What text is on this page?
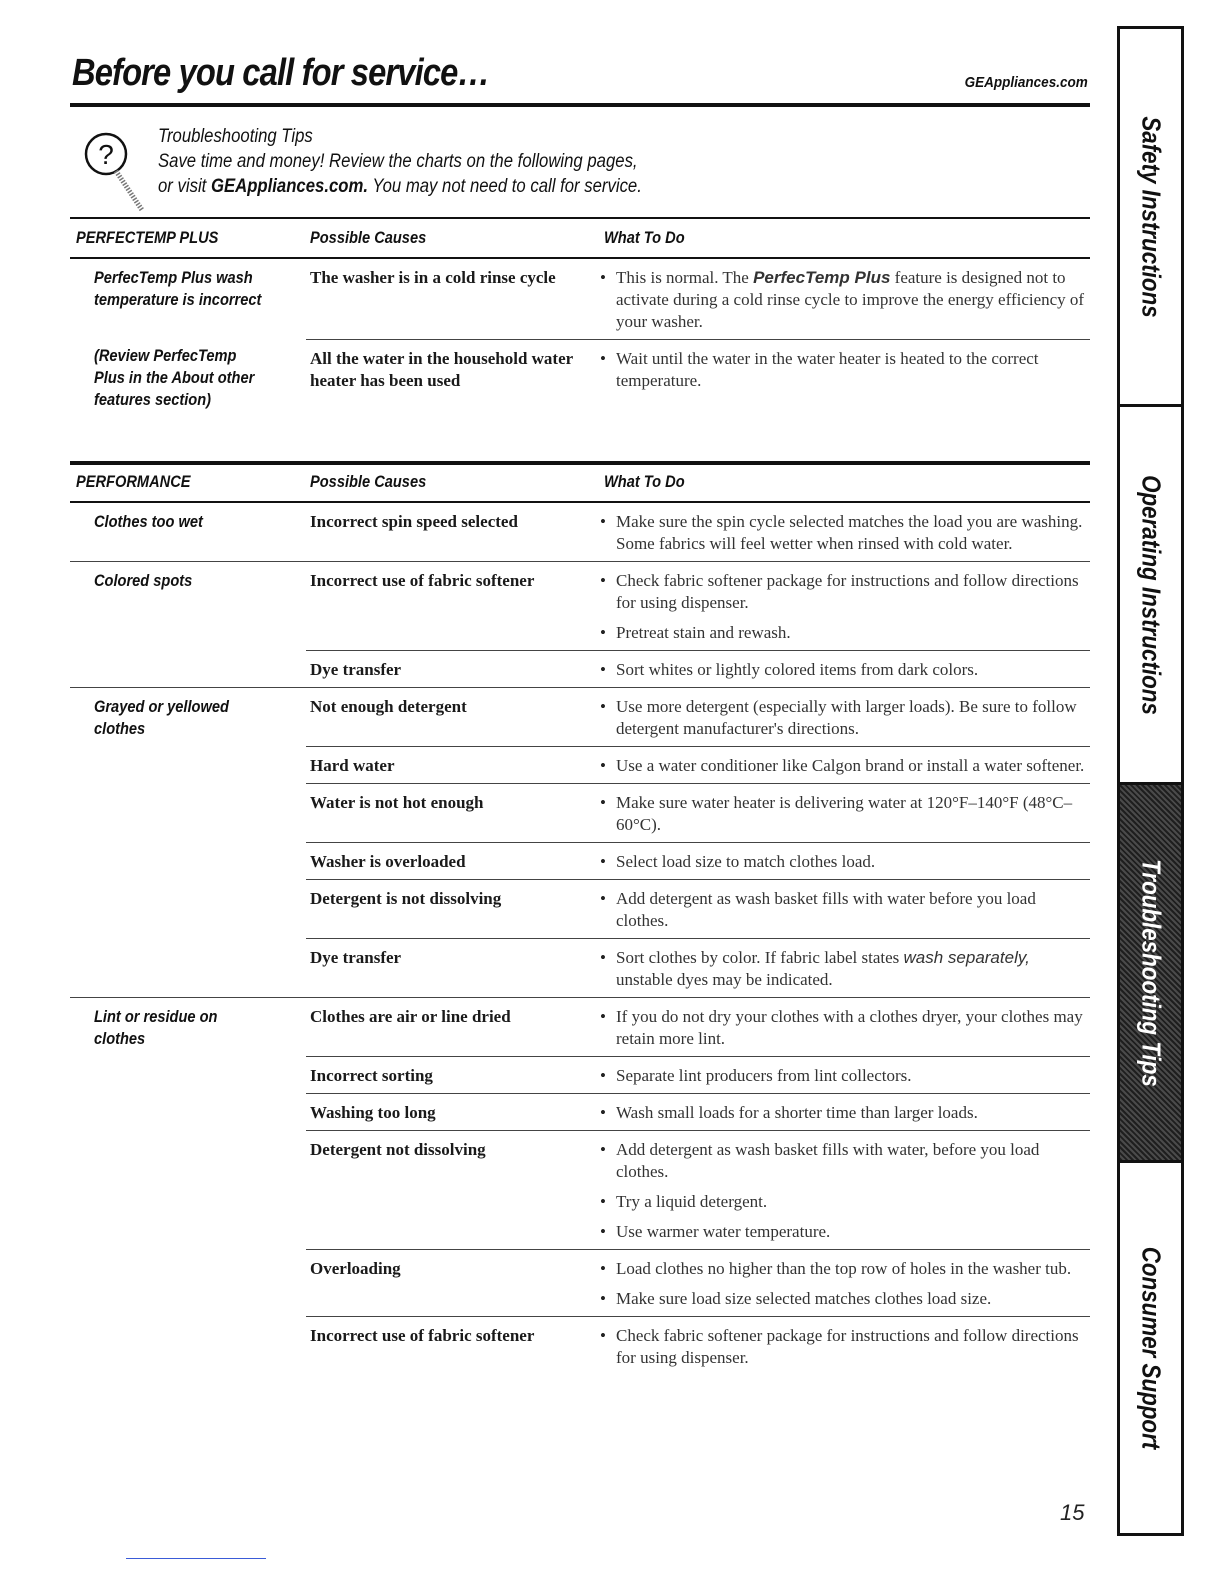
Before you call for service…	GEAppliances.com
?
Troubleshooting Tips
Save time and money! Review the charts on the following pages,
or visit GEAppliances.com. You may not need to call for service.
PERFECTEMP PLUS	Possible Causes	What To Do
PerfecTemp Plus wash
temperature is incorrect
(Review PerfecTemp
Plus in the About other
features section)
The washer is in a cold rinse cycle	• This is normal. The PerfecTemp Plus feature is designed not to activate during a cold rinse cycle to improve the energy efficiency of your washer.
All the water in the household water heater has been used
• Wait until the water in the water heater is heated to the correct temperature.
PERFORMANCE	Possible Causes	What To Do
Clothes too wet	Incorrect spin speed selected	• Make sure the spin cycle selected matches the load you are washing. Some fabrics will feel wetter when rinsed with cold water.
Colored spots	Incorrect use of fabric softener	• Check fabric softener package for instructions and follow directions for using dispenser.
• Pretreat stain and rewash.
Dye transfer	• Sort whites or lightly colored items from dark colors.
Grayed or yellowed
clothes
Not enough detergent	• Use more detergent (especially with larger loads). Be sure to follow detergent manufacturer's directions.
Hard water	• Use a water conditioner like Calgon brand or install a water softener.
Water is not hot enough	• Make sure water heater is delivering water at 120°F–140°F (48°C–60°C).
Washer is overloaded	• Select load size to match clothes load.
Detergent is not dissolving	• Add detergent as wash basket fills with water before you load clothes.
Dye transfer	• Sort clothes by color. If fabric label states wash separately, unstable dyes may be indicated.
Lint or residue on
clothes
Clothes are air or line dried	• If you do not dry your clothes with a clothes dryer, your clothes may retain more lint.
Incorrect sorting	• Separate lint producers from lint collectors.
Washing too long	• Wash small loads for a shorter time than larger loads.
Detergent not dissolving	• Add detergent as wash basket fills with water, before you load clothes.
• Try a liquid detergent.
• Use warmer water temperature.
Overloading	• Load clothes no higher than the top row of holes in the washer tub.
• Make sure load size selected matches clothes load size.
Incorrect use of fabric softener	• Check fabric softener package for instructions and follow directions for using dispenser.
Safety Instructions
Operating Instructions
Troubleshooting Tips
Consumer Support
15
